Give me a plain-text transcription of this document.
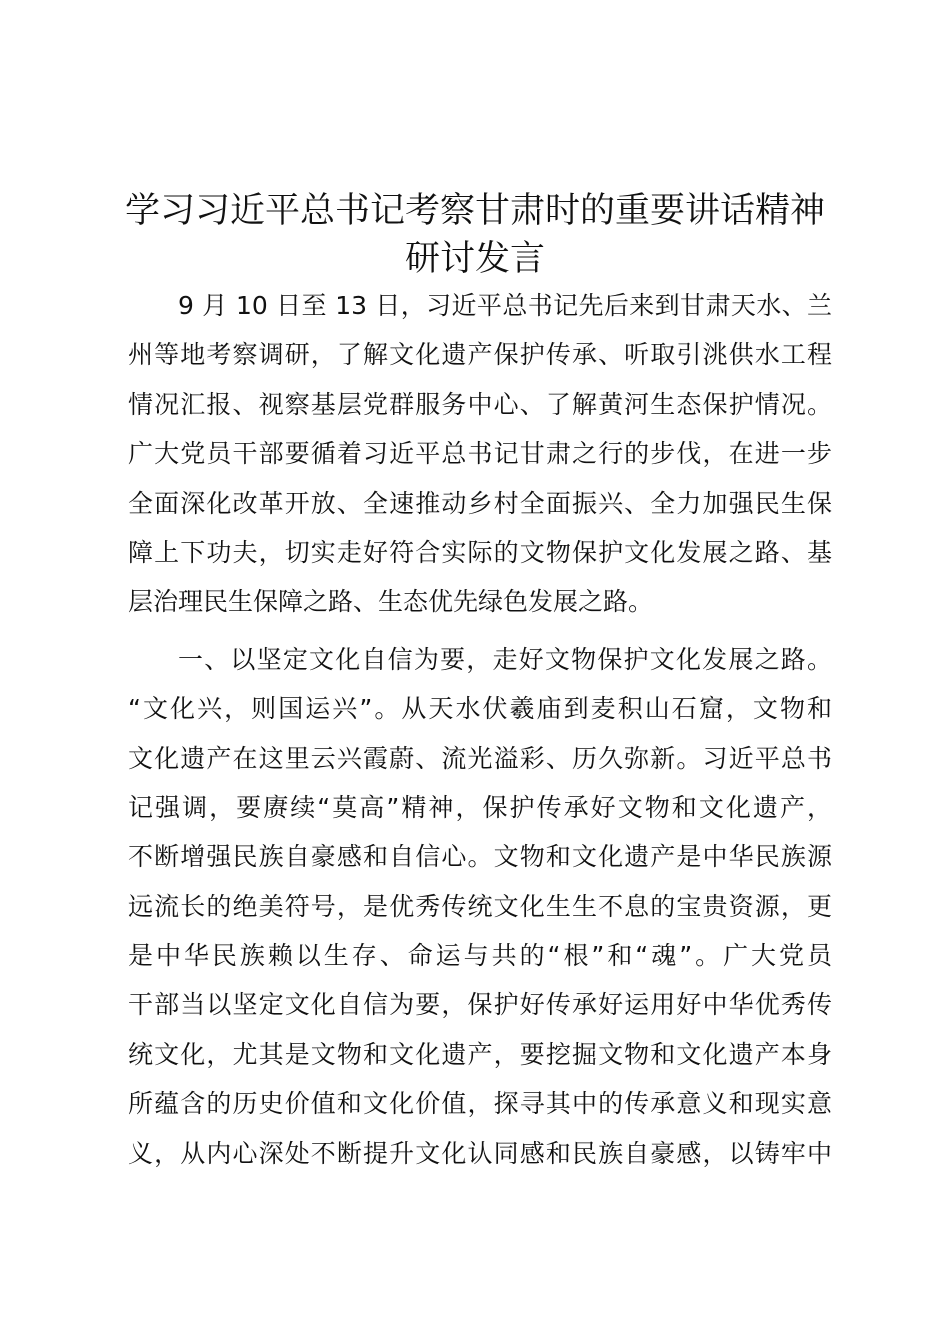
学习习近平总书记考察甘肃时的重要讲话精神
研讨发言
9 月 10 日至 13 日，习近平总书记先后来到甘肃天水、兰
州等地考察调研，了解文化遗产保护传承、听取引洮供水工程
情况汇报、视察基层党群服务中心、了解黄河生态保护情况。
广大党员干部要循着习近平总书记甘肃之行的步伐，在进一步
全面深化改革开放、全速推动乡村全面振兴、全力加强民生保
障上下功夫，切实走好符合实际的文物保护文化发展之路、基
层治理民生保障之路、生态优先绿色发展之路。
一、以坚定文化自信为要，走好文物保护文化发展之路。
“文化兴，则国运兴”。从天水伏羲庙到麦积山石窟，文物和
文化遗产在这里云兴霞蔚、流光溢彩、历久弥新。习近平总书
记强调，要赓续“莫高”精神，保护传承好文物和文化遗产，
不断增强民族自豪感和自信心。文物和文化遗产是中华民族源
远流长的绝美符号，是优秀传统文化生生不息的宝贵资源，更
是中华民族赖以生存、命运与共的“根”和“魂”。广大党员
干部当以坚定文化自信为要，保护好传承好运用好中华优秀传
统文化，尤其是文物和文化遗产，要挖掘文物和文化遗产本身
所蕴含的历史价值和文化价值，探寻其中的传承意义和现实意
义，从内心深处不断提升文化认同感和民族自豪感，以铸牢中
